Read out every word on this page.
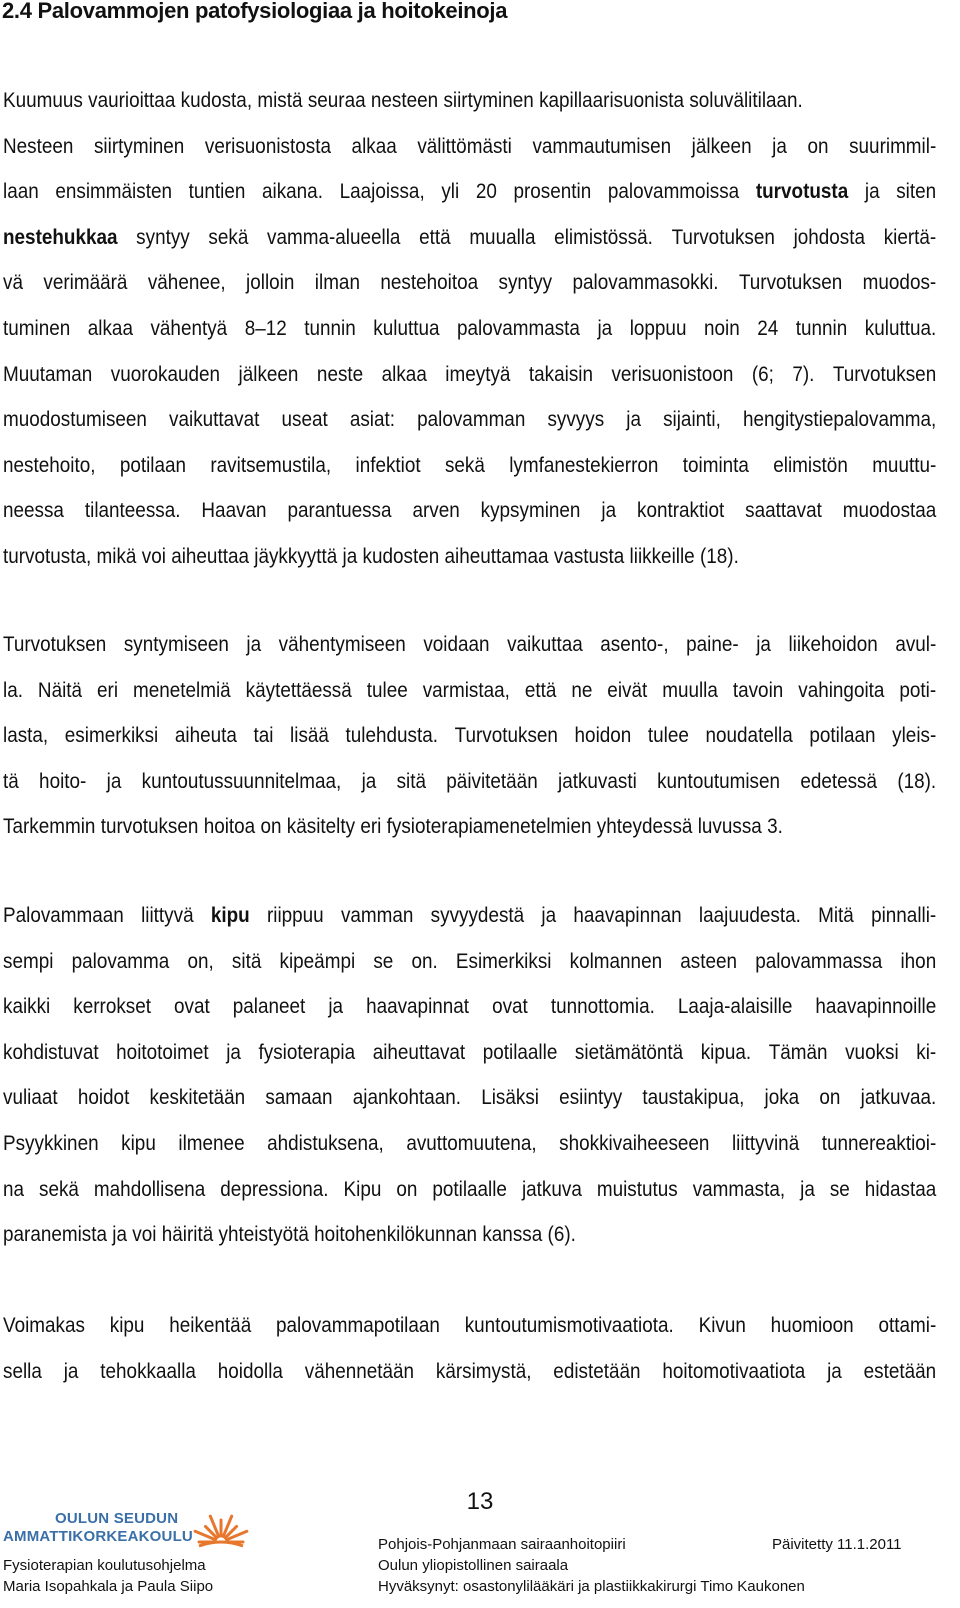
2.4 Palovammojen patofysiologiaa ja hoitokeinoja
Kuumuus vaurioittaa kudosta, mistä seuraa nesteen siirtyminen kapillaarisuonista soluvälitilaan.
Nesteen siirtyminen verisuonistosta alkaa välittömästi vammautumisen jälkeen ja on suurimmil-
laan ensimmäisten tuntien aikana. Laajoissa, yli 20 prosentin palovammoissa turvotusta ja siten
nestehukkaa syntyy sekä vamma-alueella että muualla elimistössä. Turvotuksen johdosta kiertä-
vä verimäärä vähenee, jolloin ilman nestehoitoa syntyy palovammasokki. Turvotuksen muodos-
tuminen alkaa vähentyä 8–12 tunnin kuluttua palovammasta ja loppuu noin 24 tunnin kuluttua.
Muutaman vuorokauden jälkeen neste alkaa imeytyä takaisin verisuonistoon (6; 7). Turvotuksen
muodostumiseen vaikuttavat useat asiat: palovamman syvyys ja sijainti, hengitystiepalovamma,
nestehoito, potilaan ravitsemustila, infektiot sekä lymfanestekierron toiminta elimistön muuttu-
neessa tilanteessa. Haavan parantuessa arven kypsyminen ja kontraktiot saattavat muodostaa
turvotusta, mikä voi aiheuttaa jäykkyyttä ja kudosten aiheuttamaa vastusta liikkeille (18).
Turvotuksen syntymiseen ja vähentymiseen voidaan vaikuttaa asento-, paine- ja liikehoidon avul-
la. Näitä eri menetelmiä käytettäessä tulee varmistaa, että ne eivät muulla tavoin vahingoita poti-
lasta, esimerkiksi aiheuta tai lisää tulehdusta. Turvotuksen hoidon tulee noudatella potilaan yleis-
tä hoito- ja kuntoutussuunnitelmaa, ja sitä päivitetään jatkuvasti kuntoutumisen edetessä (18).
Tarkemmin turvotuksen hoitoa on käsitelty eri fysioterapiamenetelmien yhteydessä luvussa 3.
Palovammaan liittyvä kipu riippuu vamman syvyydestä ja haavapinnan laajuudesta. Mitä pinnalli-
sempi palovamma on, sitä kipeämpi se on. Esimerkiksi kolmannen asteen palovammassa ihon
kaikki kerrokset ovat palaneet ja haavapinnat ovat tunnottomia. Laaja-alaisille haavapinnoille
kohdistuvat hoitotoimet ja fysioterapia aiheuttavat potilaalle sietämätöntä kipua. Tämän vuoksi ki-
vuliaat hoidot keskitetään samaan ajankohtaan. Lisäksi esiintyy taustakipua, joka on jatkuvaa.
Psyykkinen kipu ilmenee ahdistuksena, avuttomuutena, shokkivaiheeseen liittyvinä tunnereaktioi-
na sekä mahdollisena depressiona. Kipu on potilaalle jatkuva muistutus vammasta, ja se hidastaa
paranemista ja voi häiritä yhteistyötä hoitohenkilökunnan kanssa (6).
Voimakas kipu heikentää palovammapotilaan kuntoutumismotivaatiota. Kivun huomioon ottami-
sella ja tehokkaalla hoidolla vähennetään kärsimystä, edistetään hoitomotivaatiota ja estetään
13
OULUN SEUDUN
AMMATTIKORKEAKOULU
Fysioterapian koulutusohjelma
Maria Isopahkala ja Paula Siipo
Pohjois-Pohjanmaan sairaanhoitopiiri
Oulun yliopistollinen sairaala
Hyväksynyt: osastonylilääkäri ja plastiikkakirurgi Timo Kaukonen
Päivitetty 11.1.2011
